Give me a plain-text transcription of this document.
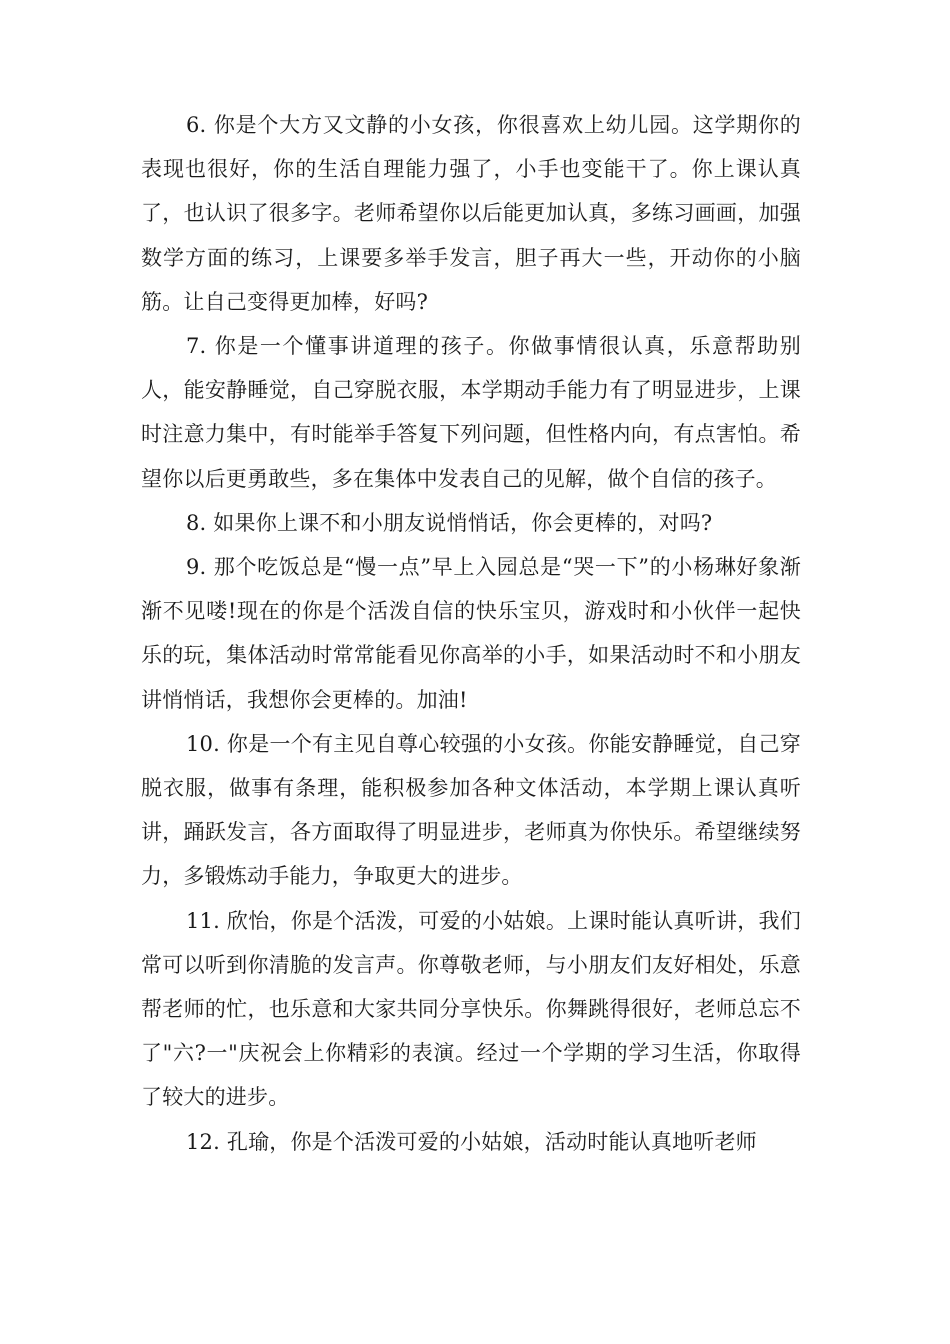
6. 你是个大方又文静的小女孩，你很喜欢上幼儿园。这学期你的表现也很好，你的生活自理能力强了，小手也变能干了。你上课认真了，也认识了很多字。老师希望你以后能更加认真，多练习画画，加强数学方面的练习，上课要多举手发言，胆子再大一些，开动你的小脑筋。让自己变得更加棒，好吗?

7. 你是一个懂事讲道理的孩子。你做事情很认真，乐意帮助别人，能安静睡觉，自己穿脱衣服，本学期动手能力有了明显进步，上课时注意力集中，有时能举手答复下列问题，但性格内向，有点害怕。希望你以后更勇敢些，多在集体中发表自己的见解，做个自信的孩子。

8. 如果你上课不和小朋友说悄悄话，你会更棒的，对吗?

9. 那个吃饭总是“慢一点”早上入园总是“哭一下”的小杨琳好象渐渐不见喽!现在的你是个活泼自信的快乐宝贝，游戏时和小伙伴一起快乐的玩，集体活动时常常能看见你高举的小手，如果活动时不和小朋友讲悄悄话，我想你会更棒的。加油!

10. 你是一个有主见自尊心较强的小女孩。你能安静睡觉，自己穿脱衣服，做事有条理，能积极参加各种文体活动，本学期上课认真听讲，踊跃发言，各方面取得了明显进步，老师真为你快乐。希望继续努力，多锻炼动手能力，争取更大的进步。

11. 欣怡，你是个活泼，可爱的小姑娘。上课时能认真听讲，我们常可以听到你清脆的发言声。你尊敬老师，与小朋友们友好相处，乐意帮老师的忙，也乐意和大家共同分享快乐。你舞跳得很好，老师总忘不了"六?一"庆祝会上你精彩的表演。经过一个学期的学习生活，你取得了较大的进步。

12. 孔瑜，你是个活泼可爱的小姑娘，活动时能认真地听老师
